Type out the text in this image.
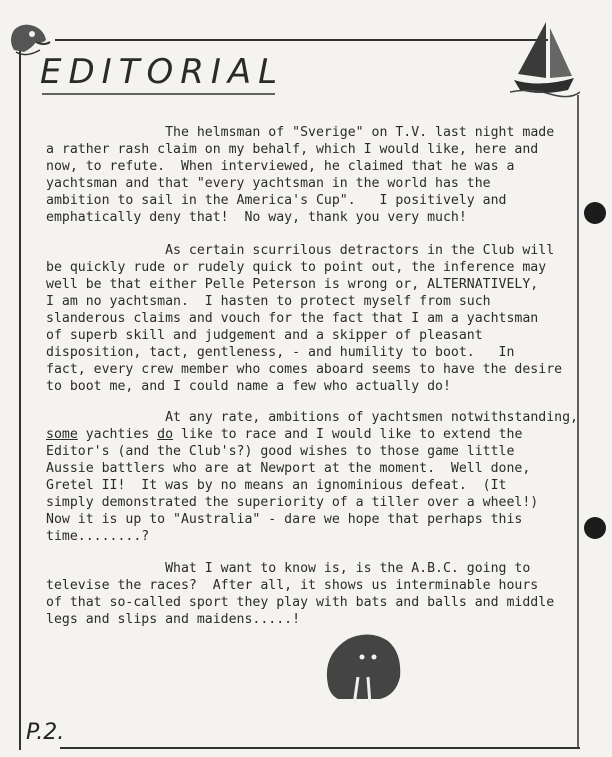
EDITORIAL

The helmsman of "Sverige" on T.V. last night made
a rather rash claim on my behalf, which I would like, here and
now, to refute.  When interviewed, he claimed that he was a
yachtsman and that "every yachtsman in the world has the
ambition to sail in the America's Cup".   I positively and
emphatically deny that!  No way, thank you very much!

As certain scurrilous detractors in the Club will
be quickly rude or rudely quick to point out, the inference may
well be that either Pelle Peterson is wrong or, ALTERNATIVELY,
I am no yachtsman.  I hasten to protect myself from such
slanderous claims and vouch for the fact that I am a yachtsman
of superb skill and judgement and a skipper of pleasant
disposition, tact, gentleness, - and humility to boot.   In
fact, every crew member who comes aboard seems to have the desire
to boot me, and I could name a few who actually do!

At any rate, ambitions of yachtsmen notwithstanding,
some yachties do like to race and I would like to extend the
Editor's (and the Club's?) good wishes to those game little
Aussie battlers who are at Newport at the moment.  Well done,
Gretel II!  It was by no means an ignominious defeat.  (It
simply demonstrated the superiority of a tiller over a wheel!)
Now it is up to "Australia" - dare we hope that perhaps this
time........?

What I want to know is, is the A.B.C. going to
televise the races?  After all, it shows us interminable hours
of that so-called sport they play with bats and balls and middle
legs and slips and maidens.....!

P.2.
